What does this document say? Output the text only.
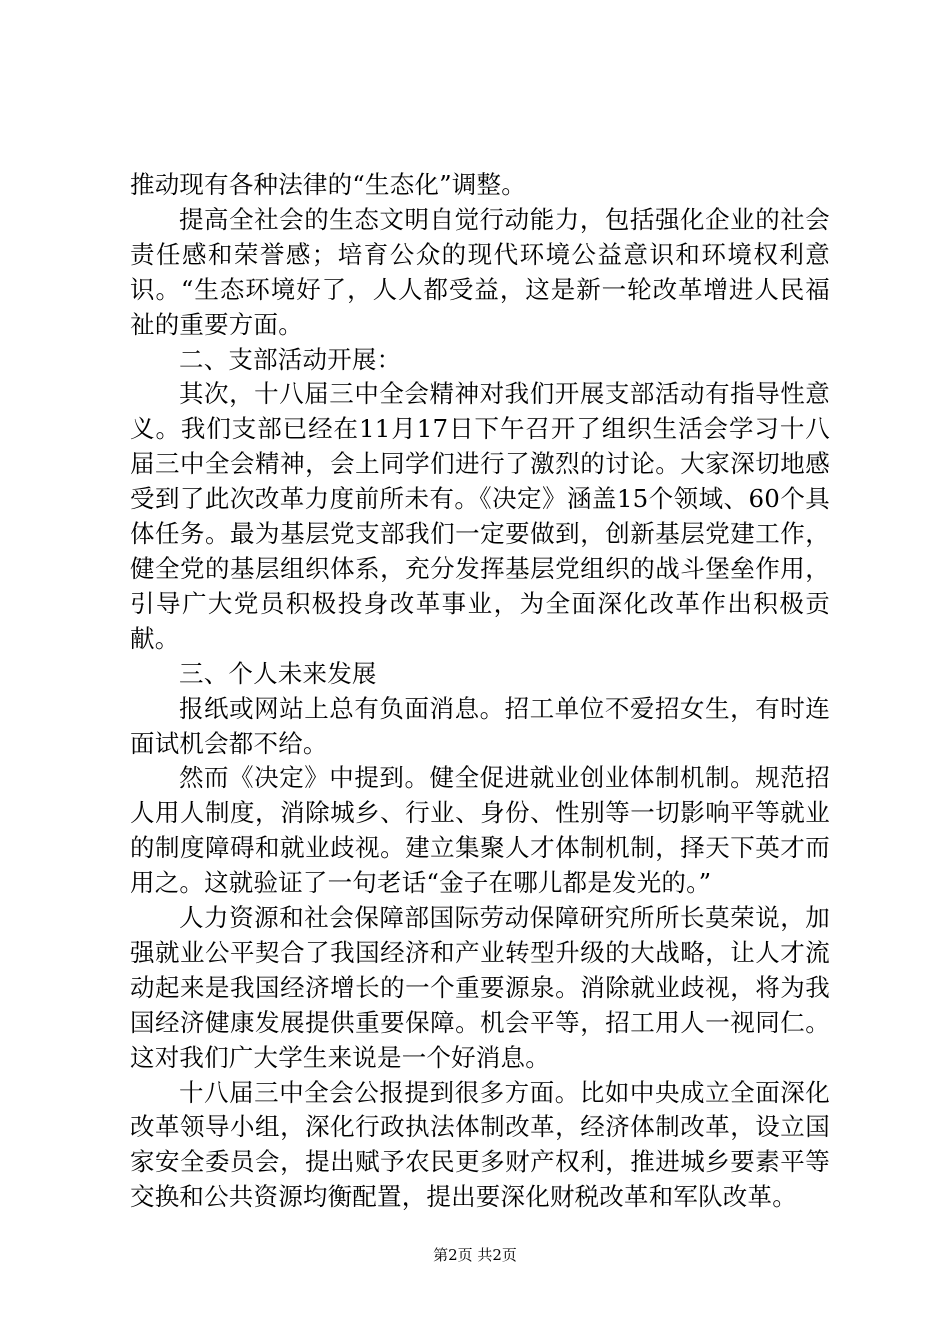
推动现有各种法律的“生态化”调整。

提高全社会的生态文明自觉行动能力，包括强化企业的社会责任感和荣誉感；培育公众的现代环境公益意识和环境权利意识。“生态环境好了，人人都受益，这是新一轮改革增进人民福祉的重要方面。

二、支部活动开展：

其次，十八届三中全会精神对我们开展支部活动有指导性意义。我们支部已经在11月17日下午召开了组织生活会学习十八届三中全会精神，会上同学们进行了激烈的讨论。大家深切地感受到了此次改革力度前所未有。《决定》涵盖15个领域、60个具体任务。最为基层党支部我们一定要做到，创新基层党建工作，健全党的基层组织体系，充分发挥基层党组织的战斗堡垒作用，引导广大党员积极投身改革事业，为全面深化改革作出积极贡献。

三、个人未来发展

报纸或网站上总有负面消息。招工单位不爱招女生，有时连面试机会都不给。

然而《决定》中提到。健全促进就业创业体制机制。规范招人用人制度，消除城乡、行业、身份、性别等一切影响平等就业的制度障碍和就业歧视。建立集聚人才体制机制，择天下英才而用之。这就验证了一句老话“金子在哪儿都是发光的。”

人力资源和社会保障部国际劳动保障研究所所长莫荣说，加强就业公平契合了我国经济和产业转型升级的大战略，让人才流动起来是我国经济增长的一个重要源泉。消除就业歧视，将为我国经济健康发展提供重要保障。机会平等，招工用人一视同仁。这对我们广大学生来说是一个好消息。

十八届三中全会公报提到很多方面。比如中央成立全面深化改革领导小组，深化行政执法体制改革，经济体制改革，设立国家安全委员会，提出赋予农民更多财产权利，推进城乡要素平等交换和公共资源均衡配置，提出要深化财税改革和军队改革。

第2页 共2页
